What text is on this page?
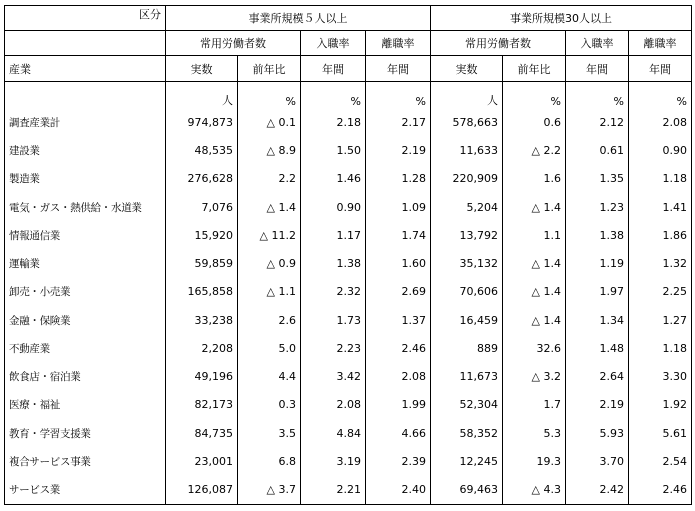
区分	事業所規模５人以上				事業所規模30人以上			
	常用労働者数		入職率	離職率	常用労働者数		入職率	離職率
産業	実数	前年比	年間	年間	実数	前年比	年間	年間
	人	%	%	%	人	%	%	%
調査産業計	974,873	△ 0.1	2.18	2.17	578,663	0.6	2.12	2.08
建設業	48,535	△ 8.9	1.50	2.19	11,633	△ 2.2	0.61	0.90
製造業	276,628	2.2	1.46	1.28	220,909	1.6	1.35	1.18
電気・ガス・熱供給・水道業	7,076	△ 1.4	0.90	1.09	5,204	△ 1.4	1.23	1.41
情報通信業	15,920	△ 11.2	1.17	1.74	13,792	1.1	1.38	1.86
運輸業	59,859	△ 0.9	1.38	1.60	35,132	△ 1.4	1.19	1.32
卸売・小売業	165,858	△ 1.1	2.32	2.69	70,606	△ 1.4	1.97	2.25
金融・保険業	33,238	2.6	1.73	1.37	16,459	△ 1.4	1.34	1.27
不動産業	2,208	5.0	2.23	2.46	889	32.6	1.48	1.18
飲食店・宿泊業	49,196	4.4	3.42	2.08	11,673	△ 3.2	2.64	3.30
医療・福祉	82,173	0.3	2.08	1.99	52,304	1.7	2.19	1.92
教育・学習支援業	84,735	3.5	4.84	4.66	58,352	5.3	5.93	5.61
複合サービス事業	23,001	6.8	3.19	2.39	12,245	19.3	3.70	2.54
サービス業	126,087	△ 3.7	2.21	2.40	69,463	△ 4.3	2.42	2.46
